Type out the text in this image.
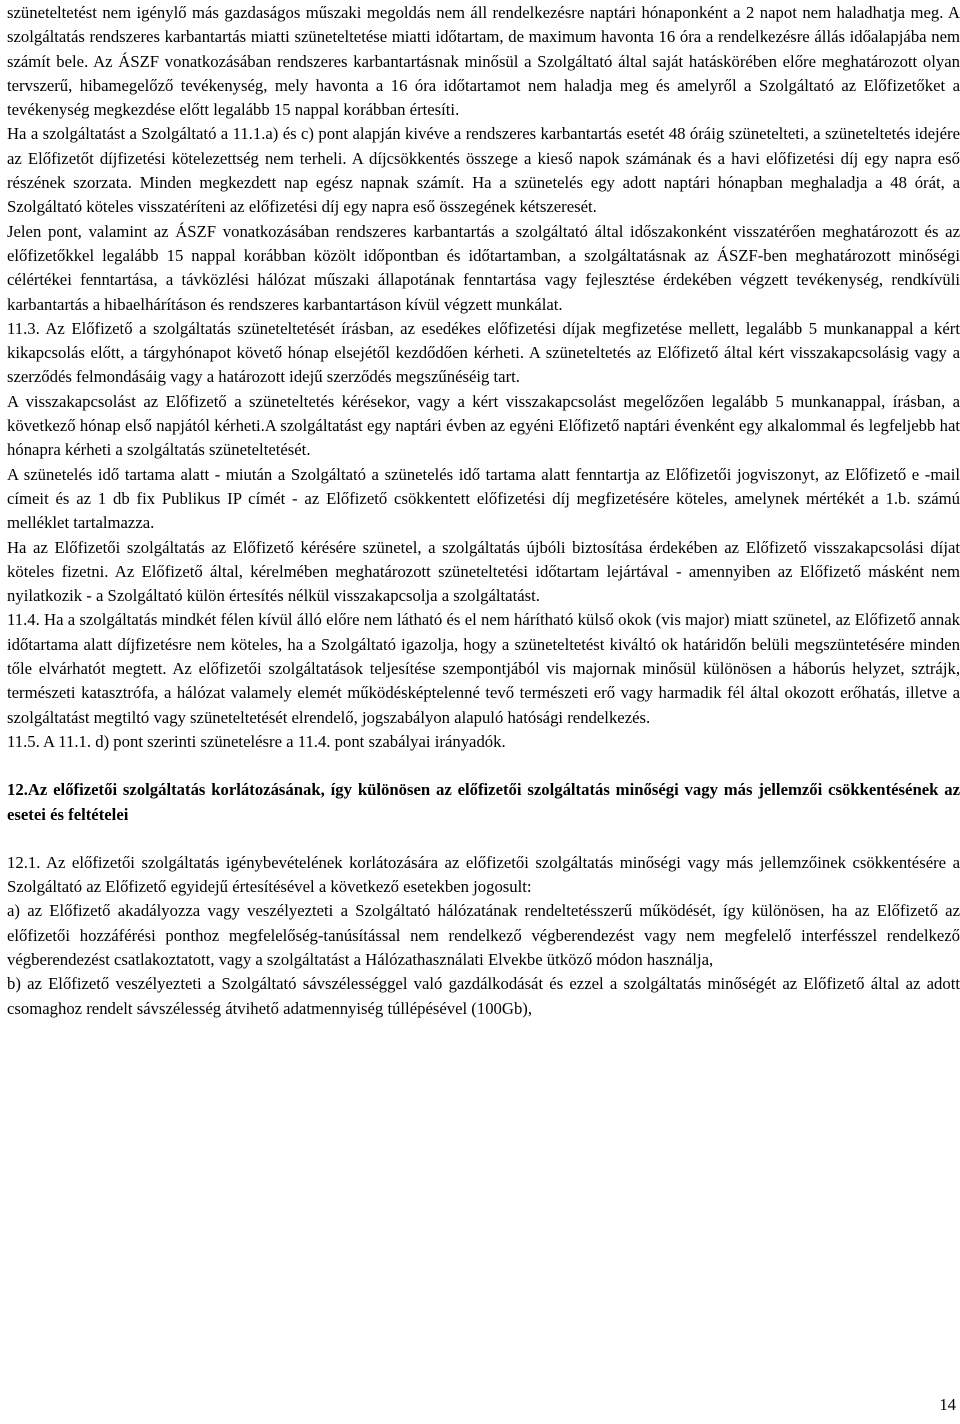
szüneteltetést nem igénylő más gazdaságos műszaki megoldás nem áll rendelkezésre naptári hónaponként a 2 napot nem haladhatja meg. A szolgáltatás rendszeres karbantartás miatti szüneteltetése miatti időtartam, de maximum havonta 16 óra a rendelkezésre állás időalapjába nem számít bele. Az ÁSZF vonatkozásában rendszeres karbantartásnak minősül a Szolgáltató által saját hatáskörében előre meghatározott olyan tervszerű, hibamegelőző tevékenység, mely havonta a 16 óra időtartamot nem haladja meg és amelyről a Szolgáltató az Előfizetőket a tevékenység megkezdése előtt legalább 15 nappal korábban értesíti.

Ha a szolgáltatást a Szolgáltató a 11.1.a) és c) pont alapján kivéve a rendszeres karbantartás esetét 48 óráig szünetelteti, a szüneteltetés idejére az Előfizetőt díjfizetési kötelezettség nem terheli. A díjcsökkentés összege a kieső napok számának és a havi előfizetési díj egy napra eső részének szorzata. Minden megkezdett nap egész napnak számít. Ha a szünetelés egy adott naptári hónapban meghaladja a 48 órát, a Szolgáltató köteles visszatéríteni az előfizetési díj egy napra eső összegének kétszeresét.

Jelen pont, valamint az ÁSZF vonatkozásában rendszeres karbantartás a szolgáltató által időszakonként visszatérően meghatározott és az előfizetőkkel legalább 15 nappal korábban közölt időpontban és időtartamban, a szolgáltatásnak az ÁSZF-ben meghatározott minőségi célértékei fenntartása, a távközlési hálózat műszaki állapotának fenntartása vagy fejlesztése érdekében végzett tevékenység, rendkívüli karbantartás a hibaelhárításon és rendszeres karbantartáson kívül végzett munkálat.

11.3. Az Előfizető a szolgáltatás szüneteltetését írásban, az esedékes előfizetési díjak megfizetése mellett, legalább 5 munkanappal a kért kikapcsolás előtt, a tárgyhónapot követő hónap elsejétől kezdődően kérheti. A szüneteltetés az Előfizető által kért visszakapcsolásig vagy a szerződés felmondásáig vagy a határozott idejű szerződés megszűnéséig tart.

A visszakapcsolást az Előfizető a szüneteltetés kérésekor, vagy a kért visszakapcsolást megelőzően legalább 5 munkanappal, írásban, a következő hónap első napjától kérheti.A szolgáltatást egy naptári évben az egyéni Előfizető naptári évenként egy alkalommal és legfeljebb hat hónapra kérheti a szolgáltatás szüneteltetését.

A szünetelés idő tartama alatt - miután a Szolgáltató a szünetelés idő tartama alatt fenntartja az Előfizetői jogviszonyt, az Előfizető e -mail címeit és az 1 db fix Publikus IP címét - az Előfizető csökkentett előfizetési díj megfizetésére köteles, amelynek mértékét a 1.b. számú melléklet tartalmazza.

Ha az Előfizetői szolgáltatás az Előfizető kérésére szünetel, a szolgáltatás újbóli biztosítása érdekében az Előfizető visszakapcsolási díjat köteles fizetni. Az Előfizető által, kérelmében meghatározott szüneteltetési időtartam lejártával - amennyiben az Előfizető másként nem nyilatkozik - a Szolgáltató külön értesítés nélkül visszakapcsolja a szolgáltatást.

11.4. Ha a szolgáltatás mindkét félen kívül álló előre nem látható és el nem hárítható külső okok (vis major) miatt szünetel, az Előfizető annak időtartama alatt díjfizetésre nem köteles, ha a Szolgáltató igazolja, hogy a szüneteltetést kiváltó ok határidőn belüli megszüntetésére minden tőle elvárhatót megtett. Az előfizetői szolgáltatások teljesítése szempontjából vis majornak minősül különösen a háborús helyzet, sztrájk, természeti katasztrófa, a hálózat valamely elemét működésképtelenné tevő természeti erő vagy harmadik fél által okozott erőhatás, illetve a szolgáltatást megtiltó vagy szüneteltetését elrendelő, jogszabályon alapuló hatósági rendelkezés.

11.5. A 11.1. d) pont szerinti szünetelésre a 11.4. pont szabályai irányadók.

12.Az előfizetői szolgáltatás korlátozásának, így különösen az előfizetői szolgáltatás minőségi vagy más jellemzői csökkentésének az esetei és feltételei

12.1. Az előfizetői szolgáltatás igénybevételének korlátozására az előfizetői szolgáltatás minőségi vagy más jellemzőinek csökkentésére a Szolgáltató az Előfizető egyidejű értesítésével a következő esetekben jogosult:

a) az Előfizető akadályozza vagy veszélyezteti a Szolgáltató hálózatának rendeltetésszerű működését, így különösen, ha az Előfizető az előfizetői hozzáférési ponthoz megfelelőség-tanúsítással nem rendelkező végberendezést vagy nem megfelelő interfésszel rendelkező végberendezést csatlakoztatott, vagy a szolgáltatást a Hálózathasználati Elvekbe ütköző módon használja,

b) az Előfizető veszélyezteti a Szolgáltató sávszélességgel való gazdálkodását és ezzel a szolgáltatás minőségét az Előfizető által az adott csomaghoz rendelt sávszélesség átvihető adatmennyiség túllépésével (100Gb),

14
